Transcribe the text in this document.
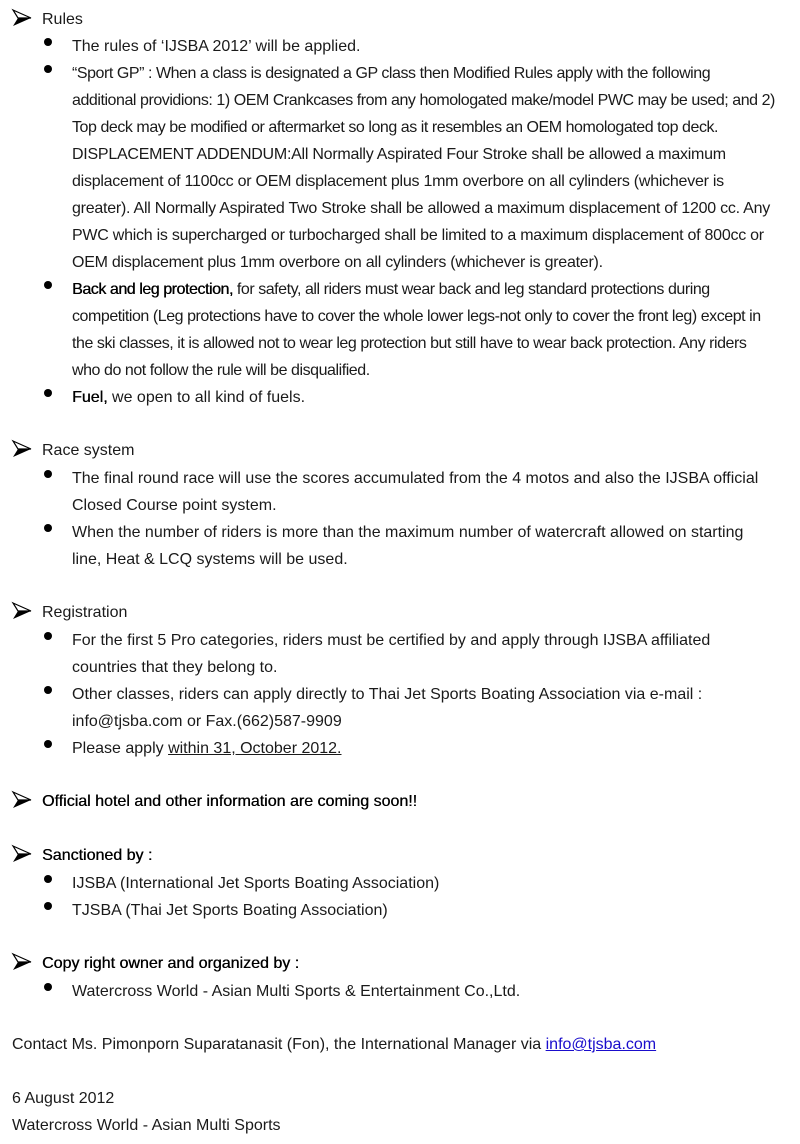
Rules
The rules of ‘IJSBA 2012’ will be applied.
“Sport GP” : When a class is designated a GP class then Modified Rules apply with the following additional providions: 1) OEM Crankcases from any homologated make/model PWC may be used; and 2) Top deck may be modified or aftermarket so long as it resembles an OEM homologated top deck.
DISPLACEMENT ADDENDUM:All Normally Aspirated Four Stroke shall be allowed a maximum displacement of 1100cc or OEM displacement plus 1mm overbore on all cylinders (whichever is greater). All Normally Aspirated Two Stroke shall be allowed a maximum displacement of 1200 cc. Any PWC which is supercharged or turbocharged shall be limited to a maximum displacement of 800cc or OEM displacement plus 1mm overbore on all cylinders (whichever is greater).
Back and leg protection, for safety, all riders must wear back and leg standard protections during competition (Leg protections have to cover the whole lower legs-not only to cover the front leg) except in the ski classes, it is allowed not to wear leg protection but still have to wear back protection. Any riders who do not follow the rule will be disqualified.
Fuel, we open to all kind of fuels.
Race system
The final round race will use the scores accumulated from the 4 motos and also the IJSBA official Closed Course point system.
When the number of riders is more than the maximum number of watercraft allowed on starting line, Heat & LCQ systems will be used.
Registration
For the first 5 Pro categories, riders must be certified by and apply through IJSBA affiliated countries that they belong to.
Other classes, riders can apply directly to Thai Jet Sports Boating Association via e-mail : info@tjsba.com or Fax.(662)587-9909
Please apply within 31, October 2012.
Official hotel and other information are coming soon!!
Sanctioned by :
IJSBA (International Jet Sports Boating Association)
TJSBA (Thai Jet Sports Boating Association)
Copy right owner and organized by :
Watercross World - Asian Multi Sports & Entertainment Co.,Ltd.
Contact Ms. Pimonporn Suparatanasit (Fon), the International Manager via info@tjsba.com
6 August 2012
Watercross World - Asian Multi Sports
